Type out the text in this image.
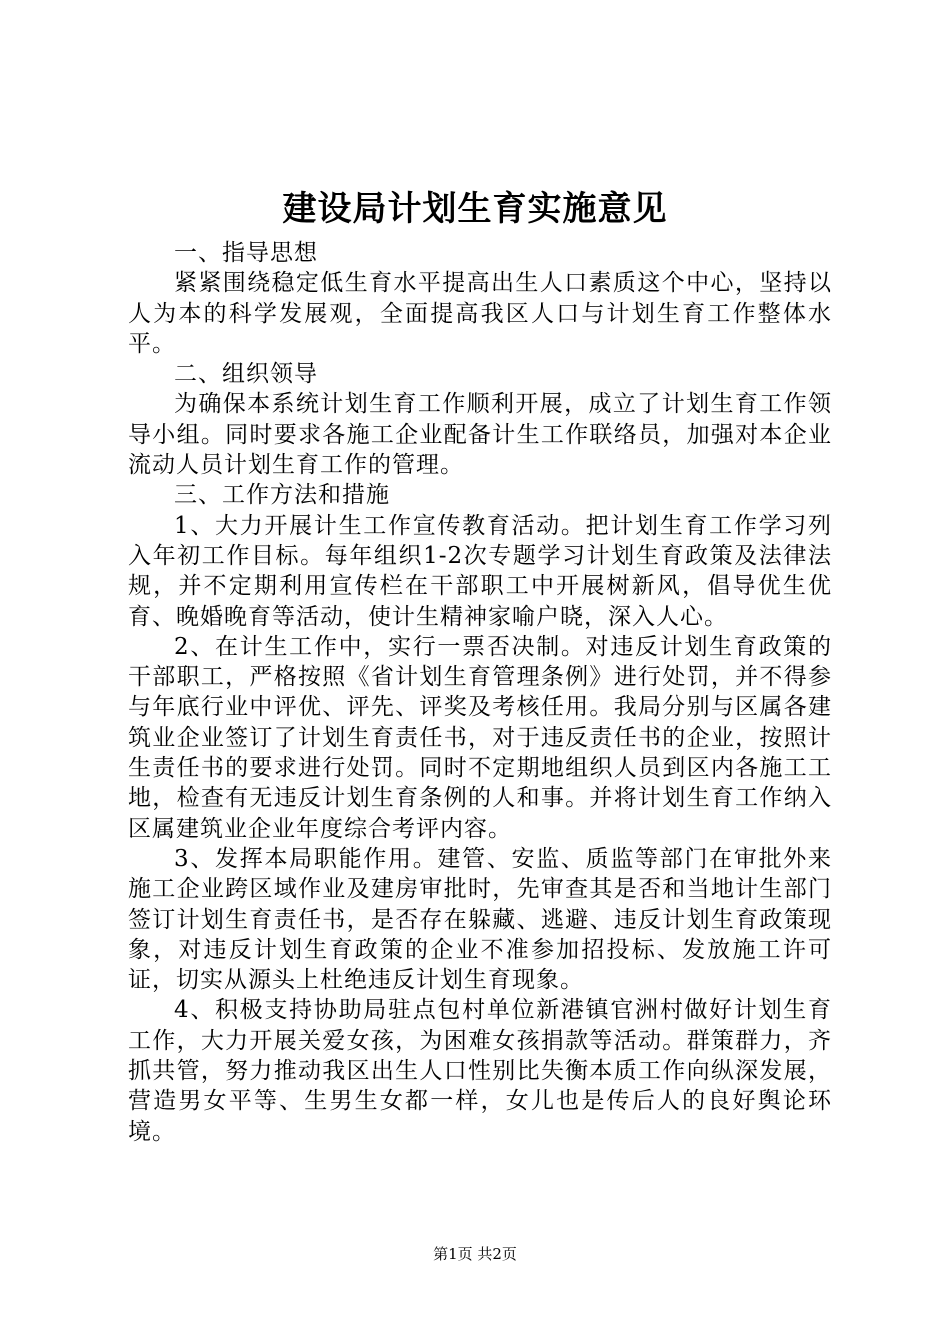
建设局计划生育实施意见

一、指导思想

紧紧围绕稳定低生育水平提高出生人口素质这个中心，坚持以人为本的科学发展观，全面提高我区人口与计划生育工作整体水平。

二、组织领导

为确保本系统计划生育工作顺利开展，成立了计划生育工作领导小组。同时要求各施工企业配备计生工作联络员，加强对本企业流动人员计划生育工作的管理。

三、工作方法和措施

1、大力开展计生工作宣传教育活动。把计划生育工作学习列入年初工作目标。每年组织1-2次专题学习计划生育政策及法律法规，并不定期利用宣传栏在干部职工中开展树新风，倡导优生优育、晚婚晚育等活动，使计生精神家喻户晓，深入人心。

2、在计生工作中，实行一票否决制。对违反计划生育政策的干部职工，严格按照《省计划生育管理条例》进行处罚，并不得参与年底行业中评优、评先、评奖及考核任用。我局分别与区属各建筑业企业签订了计划生育责任书，对于违反责任书的企业，按照计生责任书的要求进行处罚。同时不定期地组织人员到区内各施工工地，检查有无违反计划生育条例的人和事。并将计划生育工作纳入区属建筑业企业年度综合考评内容。

3、发挥本局职能作用。建管、安监、质监等部门在审批外来施工企业跨区域作业及建房审批时，先审查其是否和当地计生部门签订计划生育责任书，是否存在躲藏、逃避、违反计划生育政策现象，对违反计划生育政策的企业不准参加招投标、发放施工许可证，切实从源头上杜绝违反计划生育现象。

4、积极支持协助局驻点包村单位新港镇官洲村做好计划生育工作，大力开展关爱女孩，为困难女孩捐款等活动。群策群力，齐抓共管，努力推动我区出生人口性别比失衡本质工作向纵深发展，营造男女平等、生男生女都一样，女儿也是传后人的良好舆论环境。

第1页 共2页
